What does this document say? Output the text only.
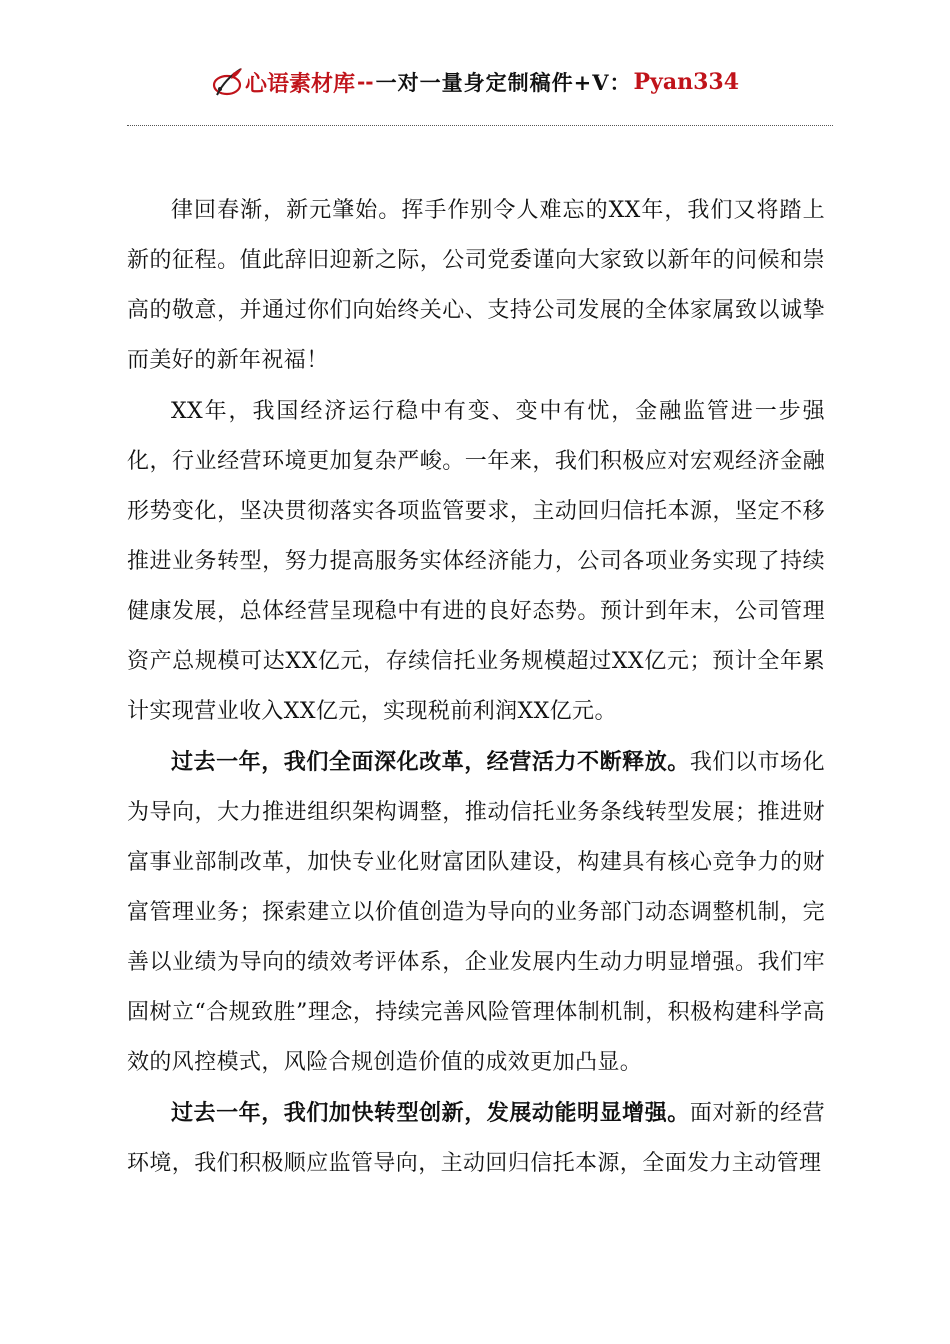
心语素材库 -- 一对一量身定制稿件+V： Pyan334

律回春渐，新元肇始。挥手作别令人难忘的XX年，我们又将踏上新的征程。值此辞旧迎新之际，公司党委谨向大家致以新年的问候和崇高的敬意，并通过你们向始终关心、支持公司发展的全体家属致以诚挚而美好的新年祝福！

XX年，我国经济运行稳中有变、变中有忧，金融监管进一步强化，行业经营环境更加复杂严峻。一年来，我们积极应对宏观经济金融形势变化，坚决贯彻落实各项监管要求，主动回归信托本源，坚定不移推进业务转型，努力提高服务实体经济能力，公司各项业务实现了持续健康发展，总体经营呈现稳中有进的良好态势。预计到年末，公司管理资产总规模可达XX亿元，存续信托业务规模超过XX亿元；预计全年累计实现营业收入XX亿元，实现税前利润XX亿元。

过去一年，我们全面深化改革，经营活力不断释放。我们以市场化为导向，大力推进组织架构调整，推动信托业务条线转型发展；推进财富事业部制改革，加快专业化财富团队建设，构建具有核心竞争力的财富管理业务；探索建立以价值创造为导向的业务部门动态调整机制，完善以业绩为导向的绩效考评体系，企业发展内生动力明显增强。我们牢固树立“合规致胜”理念，持续完善风险管理体制机制，积极构建科学高效的风控模式，风险合规创造价值的成效更加凸显。

过去一年，我们加快转型创新，发展动能明显增强。面对新的经营环境，我们积极顺应监管导向，主动回归信托本源，全面发力主动管理
